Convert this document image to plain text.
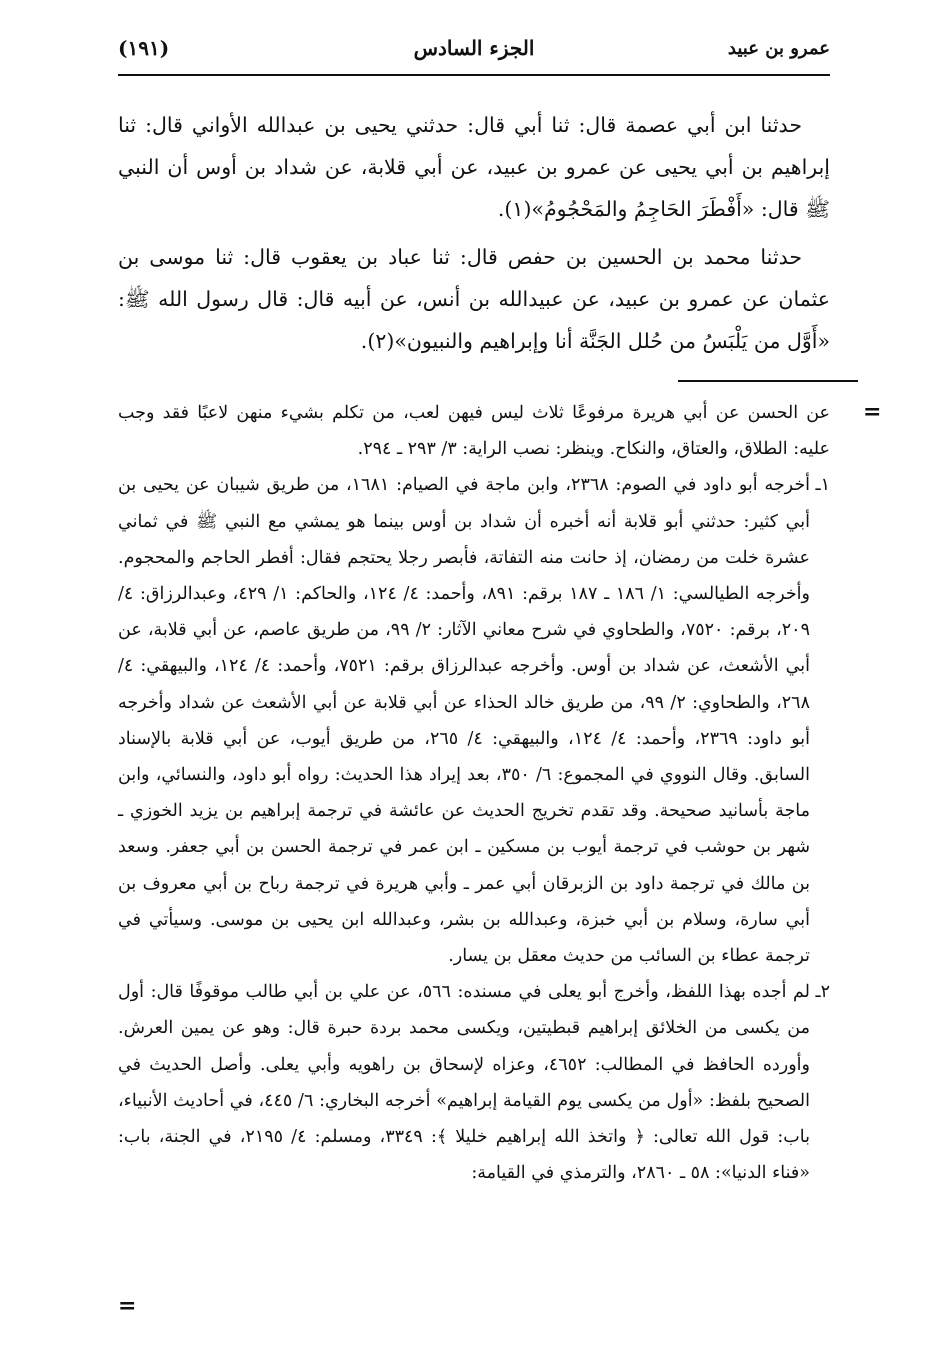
عمرو بن عبيد
الجزء السادس
(١٩١)

حدثنا ابن أبي عصمة قال: ثنا أبي قال: حدثني يحيى بن عبدالله الأواني قال: ثنا إبراهيم بن أبي يحيى عن عمرو بن عبيد، عن أبي قلابة، عن شداد بن أوس أن النبي ﷺ قال: «أَفْطَرَ الحَاجِمُ والمَحْجُومُ»(١).

حدثنا محمد بن الحسين بن حفص قال: ثنا عباد بن يعقوب قال: ثنا موسى بن عثمان عن عمرو بن عبيد، عن عبيدالله بن أنس، عن أبيه قال: قال رسول الله ﷺ: «أَوَّل من يَلْبَسُ من حُلل الجَنَّة أنا وإبراهيم والنبيون»(٢).

=

عن الحسن عن أبي هريرة مرفوعًا ثلاث ليس فيهن لعب، من تكلم بشيء منهن لاعبًا فقد وجب عليه: الطلاق، والعتاق، والنكاح. وينظر: نصب الراية: ٣/ ٢٩٣ ـ ٢٩٤.

١ـ
أخرجه أبو داود في الصوم: ٢٣٦٨، وابن ماجة في الصيام: ١٦٨١، من طريق شيبان عن يحيى بن أبي كثير: حدثني أبو قلابة أنه أخبره أن شداد بن أوس بينما هو يمشي مع النبي ﷺ في ثماني عشرة خلت من رمضان، إذ حانت منه التفاتة، فأبصر رجلا يحتجم فقال: أفطر الحاجم والمحجوم. وأخرجه الطيالسي: ١/ ١٨٦ ـ ١٨٧ برقم: ٨٩١، وأحمد: ٤/ ١٢٤، والحاكم: ١/ ٤٢٩، وعبدالرزاق: ٤/ ٢٠٩، برقم: ٧٥٢٠، والطحاوي في شرح معاني الآثار: ٢/ ٩٩، من طريق عاصم، عن أبي قلابة، عن أبي الأشعث، عن شداد بن أوس. وأخرجه عبدالرزاق برقم: ٧٥٢١، وأحمد: ٤/ ١٢٤، والبيهقي: ٤/ ٢٦٨، والطحاوي: ٢/ ٩٩، من طريق خالد الحذاء عن أبي قلابة عن أبي الأشعث عن شداد وأخرجه أبو داود: ٢٣٦٩، وأحمد: ٤/ ١٢٤، والبيهقي: ٤/ ٢٦٥، من طريق أيوب، عن أبي قلابة بالإسناد السابق. وقال النووي في المجموع: ٦/ ٣٥٠، بعد إيراد هذا الحديث: رواه أبو داود، والنسائي، وابن ماجة بأسانيد صحيحة. وقد تقدم تخريج الحديث عن عائشة في ترجمة إبراهيم بن يزيد الخوزي ـ شهر بن حوشب في ترجمة أيوب بن مسكين ـ ابن عمر في ترجمة الحسن بن أبي جعفر. وسعد بن مالك في ترجمة داود بن الزبرقان أبي عمر ـ وأبي هريرة في ترجمة رباح بن أبي معروف بن أبي سارة، وسلام بن أبي خبزة، وعبدالله بن بشر، وعبدالله ابن يحيى بن موسى. وسيأتي في ترجمة عطاء بن السائب من حديث معقل بن يسار.
٢ـ
لم أجده بهذا اللفظ، وأخرج أبو يعلى في مسنده: ٥٦٦، عن علي بن أبي طالب موقوفًا قال: أول من يكسى من الخلائق إبراهيم قبطيتين، ويكسى محمد بردة حبرة قال: وهو عن يمين العرش. وأورده الحافظ في المطالب: ٤٦٥٢، وعزاه لإسحاق بن راهويه وأبي يعلى. وأصل الحديث في الصحيح بلفظ: «أول من يكسى يوم القيامة إبراهيم» أخرجه البخاري: ٦/ ٤٤٥، في أحاديث الأنبياء، باب: قول الله تعالى: ﴿ واتخذ الله إبراهيم خليلا ﴾: ٣٣٤٩، ومسلم: ٤/ ٢١٩٥، في الجنة، باب: «فناء الدنيا»: ٥٨ ـ ٢٨٦٠، والترمذي في القيامة:
=
